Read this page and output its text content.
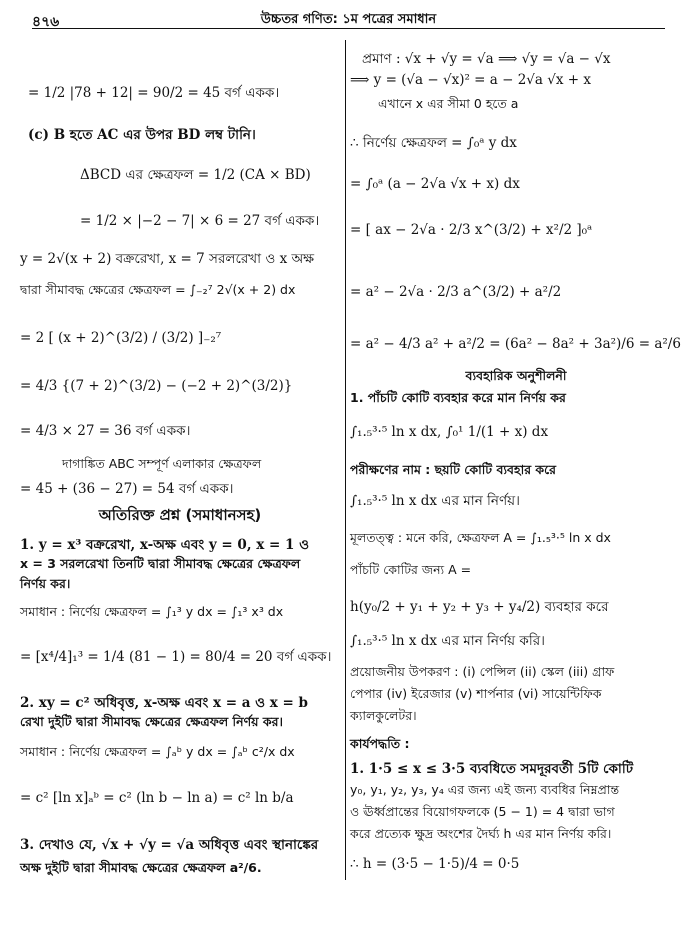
৪৭৬	উচ্চতর গণিত: ১ম পত্রের সমাধান
= 1/2 |78 + 12| = 90/2 = 45 বর্গ একক।
(c) B হতে AC এর উপর BD লম্ব টানি।
ΔBCD এর ক্ষেত্রফল = 1/2 (CA × BD)
= 1/2 × |−2 − 7| × 6 = 27 বর্গ একক।
y = 2√(x + 2) বক্ররেখা, x = 7 সরলরেখা ও x অক্ষ
দ্বারা সীমাবদ্ধ ক্ষেত্রের ক্ষেত্রফল = ∫₋₂⁷ 2√(x + 2) dx
= 2 [ (x + 2)^(3/2) / (3/2) ]₋₂⁷
= 4/3 {(7 + 2)^(3/2) − (−2 + 2)^(3/2)}
= 4/3 × 27 = 36 বর্গ একক।
দাগাঙ্কিত ABC সম্পূর্ণ এলাকার ক্ষেত্রফল
= 45 + (36 − 27) = 54 বর্গ একক।
অতিরিক্ত প্রশ্ন (সমাধানসহ)
1. y = x³ বক্ররেখা, x-অক্ষ এবং y = 0, x = 1 ও
x = 3 সরলরেখা তিনটি দ্বারা সীমাবদ্ধ ক্ষেত্রের ক্ষেত্রফল
নির্ণয় কর।
সমাধান : নির্ণেয় ক্ষেত্রফল = ∫₁³ y dx = ∫₁³ x³ dx
= [x⁴/4]₁³ = 1/4 (81 − 1) = 80/4 = 20 বর্গ একক।
2. xy = c² অধিবৃত্ত, x-অক্ষ এবং x = a ও x = b
রেখা দুইটি দ্বারা সীমাবদ্ধ ক্ষেত্রের ক্ষেত্রফল নির্ণয় কর।
সমাধান : নির্ণেয় ক্ষেত্রফল = ∫ₐᵇ y dx = ∫ₐᵇ c²/x dx
= c² [ln x]ₐᵇ = c² (ln b − ln a) = c² ln b/a
3. দেখাও যে, √x + √y = √a অধিবৃত্ত এবং স্থানাঙ্কের
অক্ষ দুইটি দ্বারা সীমাবদ্ধ ক্ষেত্রের ক্ষেত্রফল a²/6.
প্রমাণ : √x + √y = √a ⟹ √y = √a − √x
⟹ y = (√a − √x)² = a − 2√a √x + x
এখানে x এর সীমা 0 হতে a
∴ নির্ণেয় ক্ষেত্রফল = ∫₀ᵃ y dx
= ∫₀ᵃ (a − 2√a √x + x) dx
= [ ax − 2√a · 2/3 x^(3/2) + x²/2 ]₀ᵃ
= a² − 2√a · 2/3 a^(3/2) + a²/2
= a² − 4/3 a² + a²/2 = (6a² − 8a² + 3a²)/6 = a²/6
ব্যবহারিক অনুশীলনী
1. পাঁচটি কোটি ব্যবহার করে মান নির্ণয় কর
∫₁.₅³·⁵ ln x dx, ∫₀¹ 1/(1 + x) dx
পরীক্ষণের নাম : ছয়টি কোটি ব্যবহার করে
∫₁.₅³·⁵ ln x dx এর মান নির্ণয়।
মূলতত্ত্ব : মনে করি, ক্ষেত্রফল A = ∫₁.₅³·⁵ ln x dx
পাঁচটি কোটির জন্য A =
h(y₀/2 + y₁ + y₂ + y₃ + y₄/2) ব্যবহার করে
∫₁.₅³·⁵ ln x dx এর মান নির্ণয় করি।
প্রয়োজনীয় উপকরণ : (i) পেন্সিল (ii) স্কেল (iii) গ্রাফ
পেপার (iv) ইরেজার (v) শার্পনার (vi) সায়েন্টিফিক
ক্যালকুলেটর।
কার্যপদ্ধতি :
1. 1·5 ≤ x ≤ 3·5 ব্যবধিতে সমদূরবর্তী 5টি কোটি
y₀, y₁, y₂, y₃, y₄ এর জন্য এই জন্য ব্যবধির নিম্নপ্রান্ত
ও ঊর্ধ্বপ্রান্তের বিয়োগফলকে (5 − 1) = 4 দ্বারা ভাগ
করে প্রত্যেক ক্ষুদ্র অংশের দৈর্ঘ্য h এর মান নির্ণয় করি।
∴ h = (3·5 − 1·5)/4 = 0·5
